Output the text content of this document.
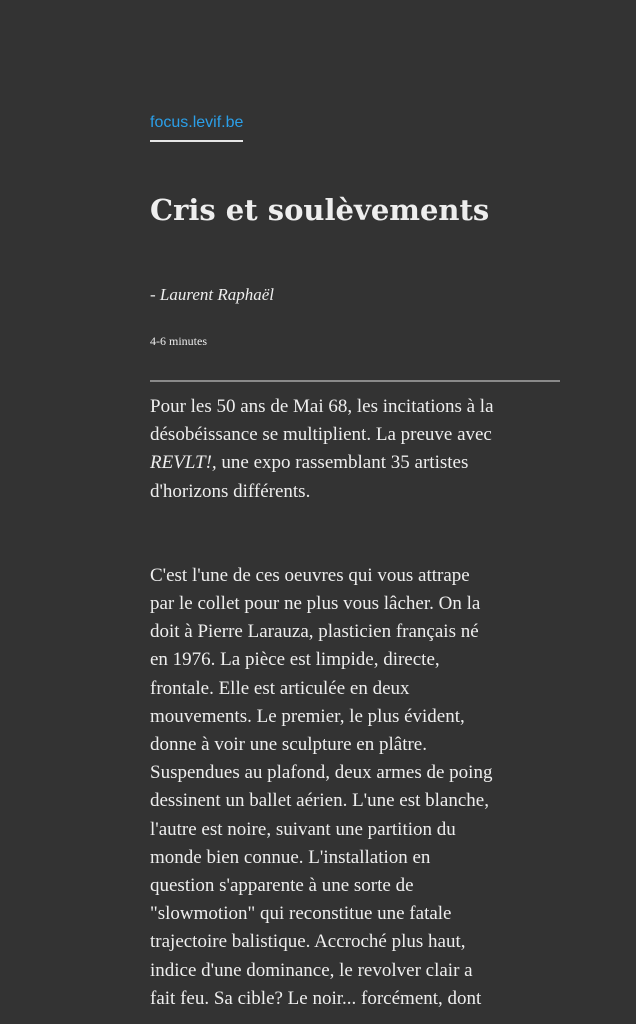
focus.levif.be
Cris et soulèvements
- Laurent Raphaël
4-6 minutes

Pour les 50 ans de Mai 68, les incitations à la
désobéissance se multiplient. La preuve avec
REVLT!, une expo rassemblant 35 artistes
d'horizons différents.

C'est l'une de ces oeuvres qui vous attrape
par le collet pour ne plus vous lâcher. On la
doit à Pierre Larauza, plasticien français né
en 1976. La pièce est limpide, directe,
frontale. Elle est articulée en deux
mouvements. Le premier, le plus évident,
donne à voir une sculpture en plâtre.
Suspendues au plafond, deux armes de poing
dessinent un ballet aérien. L'une est blanche,
l'autre est noire, suivant une partition du
monde bien connue. L'installation en
question s'apparente à une sorte de
"slowmotion" qui reconstitue une fatale
trajectoire balistique. Accroché plus haut,
indice d'une dominance, le revolver clair a
fait feu. Sa cible? Le noir... forcément, dont
